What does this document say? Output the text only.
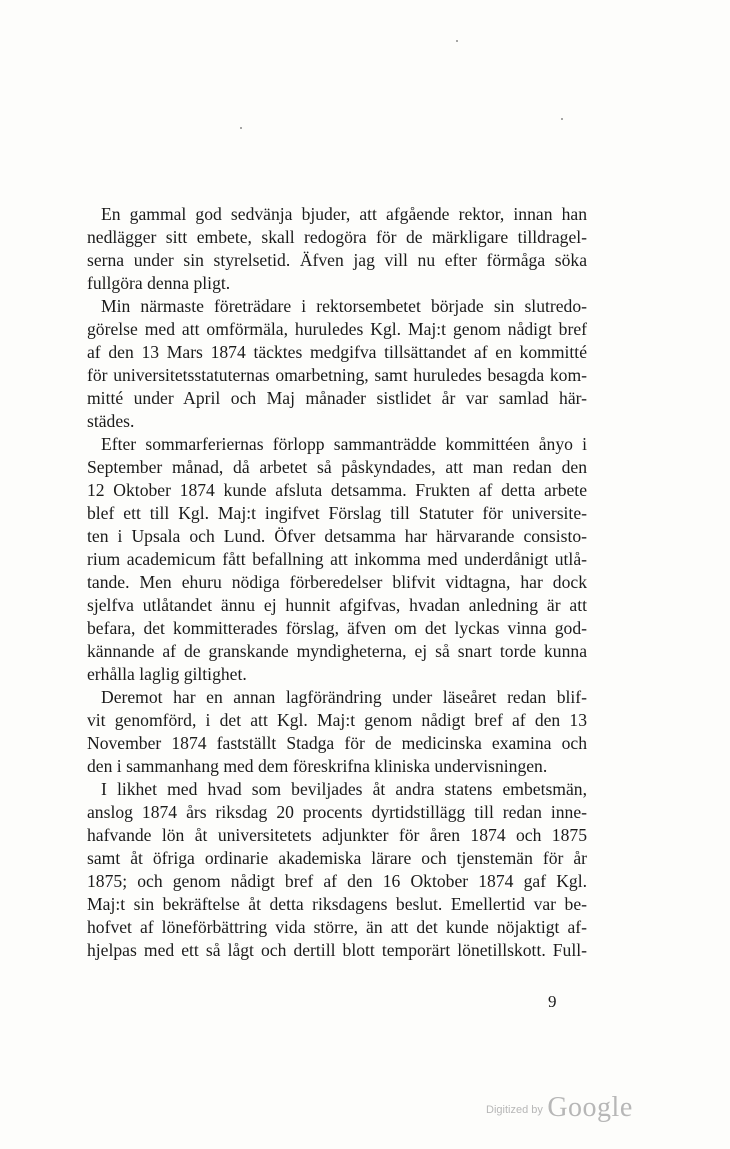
En gammal god sedvänja bjuder, att afgående rektor, innan han
nedlägger sitt embete, skall redogöra för de märkligare tilldragel-
serna under sin styrelsetid. Äfven jag vill nu efter förmåga söka
fullgöra denna pligt.
Min närmaste företrädare i rektorsembetet började sin slutredo-
görelse med att omförmäla, huruledes Kgl. Maj:t genom nådigt bref
af den 13 Mars 1874 täcktes medgifva tillsättandet af en kommitté
för universitetsstatuternas omarbetning, samt huruledes besagda kom-
mitté under April och Maj månader sistlidet år var samlad här-
städes.
Efter sommarferiernas förlopp sammanträdde kommittéen ånyo i
September månad, då arbetet så påskyndades, att man redan den
12 Oktober 1874 kunde afsluta detsamma. Frukten af detta arbete
blef ett till Kgl. Maj:t ingifvet Förslag till Statuter för universite-
ten i Upsala och Lund. Öfver detsamma har härvarande consisto-
rium academicum fått befallning att inkomma med underdånigt utlå-
tande. Men ehuru nödiga förberedelser blifvit vidtagna, har dock
sjelfva utlåtandet ännu ej hunnit afgifvas, hvadan anledning är att
befara, det kommitterades förslag, äfven om det lyckas vinna god-
kännande af de granskande myndigheterna, ej så snart torde kunna
erhålla laglig giltighet.
Deremot har en annan lagförändring under läseåret redan blif-
vit genomförd, i det att Kgl. Maj:t genom nådigt bref af den 13
November 1874 fastställt Stadga för de medicinska examina och
den i sammanhang med dem föreskrifna kliniska undervisningen.
I likhet med hvad som beviljades åt andra statens embetsmän,
anslog 1874 års riksdag 20 procents dyrtidstillägg till redan inne-
hafvande lön åt universitetets adjunkter för åren 1874 och 1875
samt åt öfriga ordinarie akademiska lärare och tjenstemän för år
1875; och genom nådigt bref af den 16 Oktober 1874 gaf Kgl.
Maj:t sin bekräftelse åt detta riksdagens beslut. Emellertid var be-
hofvet af löneförbättring vida större, än att det kunde nöjaktigt af-
hjelpas med ett så lågt och dertill blott temporärt lönetillskott. Full-
9
Digitized by Google
